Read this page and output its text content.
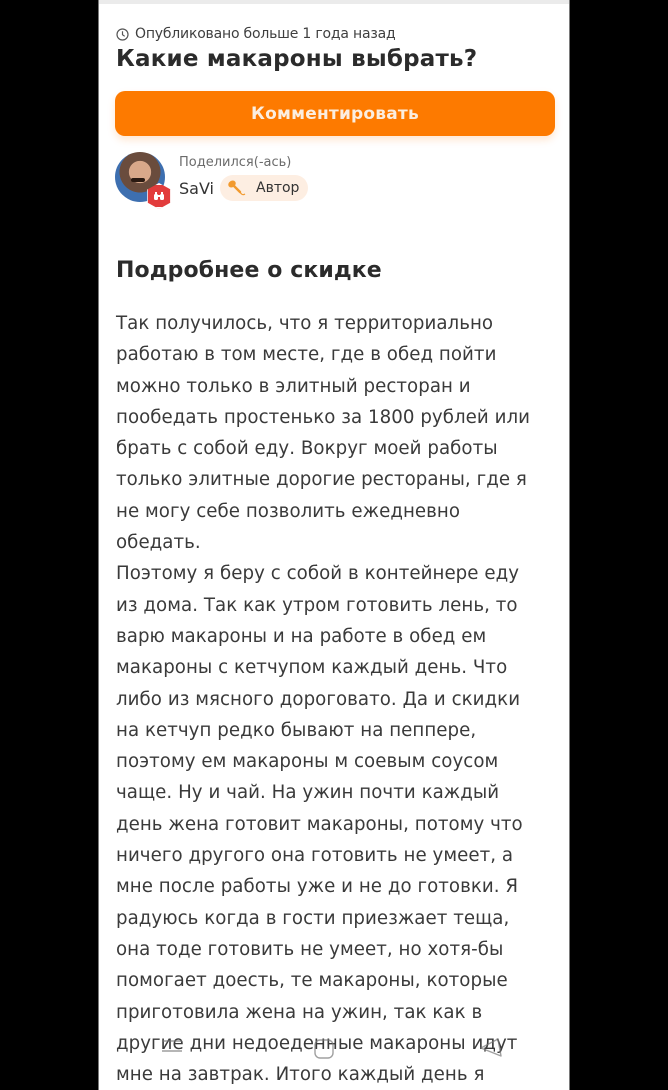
Опубликовано больше 1 года назад
Какие макароны выбрать?
Комментировать
Поделился(-ась)
SaVi	Автор
Подробнее о скидке
Так получилось, что я территориально
работаю в том месте, где в обед пойти
можно только в элитный ресторан и
пообедать простенько за 1800 рублей или
брать с собой еду. Вокруг моей работы
только элитные дорогие рестораны, где я
не могу себе позволить ежедневно
обедать.
Поэтому я беру с собой в контейнере еду
из дома. Так как утром готовить лень, то
варю макароны и на работе в обед ем
макароны с кетчупом каждый день. Что
либо из мясного дороговато. Да и скидки
на кетчуп редко бывают на пеппере,
поэтому ем макароны м соевым соусом
чаще. Ну и чай. На ужин почти каждый
день жена готовит макароны, потому что
ничего другого она готовить не умеет, а
мне после работы уже и не до готовки. Я
радуюсь когда в гости приезжает теща,
она тоде готовить не умеет, но хотя-бы
помогает доесть, те макароны, которые
приготовила жена на ужин, так как в
другие дни недоеденные макароны идут
мне на завтрак. Итого каждый день я
